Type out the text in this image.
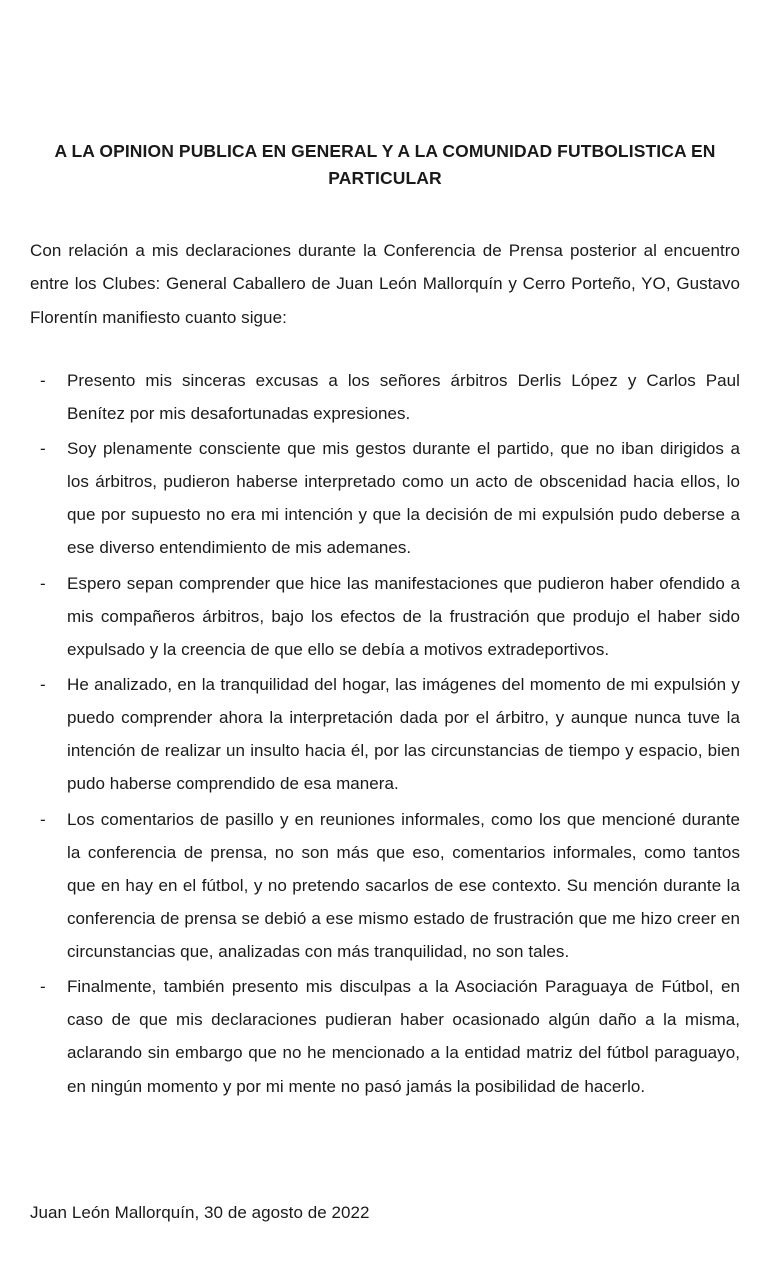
A LA OPINION PUBLICA EN GENERAL Y A LA COMUNIDAD FUTBOLISTICA EN PARTICULAR

Con relación a mis declaraciones durante la Conferencia de Prensa posterior al encuentro entre los Clubes: General Caballero de Juan León Mallorquín y Cerro Porteño, YO, Gustavo Florentín manifiesto cuanto sigue:

-	Presento mis sinceras excusas a los señores árbitros Derlis López y Carlos Paul Benítez por mis desafortunadas expresiones.
-	Soy plenamente consciente que mis gestos durante el partido, que no iban dirigidos a los árbitros, pudieron haberse interpretado como un acto de obscenidad hacia ellos, lo que por supuesto no era mi intención y que la decisión de mi expulsión pudo deberse a ese diverso entendimiento de mis ademanes.
-	Espero sepan comprender que hice las manifestaciones que pudieron haber ofendido a mis compañeros árbitros, bajo los efectos de la frustración que produjo el haber sido expulsado y la creencia de que ello se debía a motivos extradeportivos.
-	He analizado, en la tranquilidad del hogar, las imágenes del momento de mi expulsión y puedo comprender ahora la interpretación dada por el árbitro, y aunque nunca tuve la intención de realizar un insulto hacia él, por las circunstancias de tiempo y espacio, bien pudo haberse comprendido de esa manera.
-	Los comentarios de pasillo y en reuniones informales, como los que mencioné durante la conferencia de prensa, no son más que eso, comentarios informales, como tantos que en hay en el fútbol, y no pretendo sacarlos de ese contexto. Su mención durante la conferencia de prensa se debió a ese mismo estado de frustración que me hizo creer en circunstancias que, analizadas con más tranquilidad, no son tales.
-	Finalmente, también presento mis disculpas a la Asociación Paraguaya de Fútbol, en caso de que mis declaraciones pudieran haber ocasionado algún daño a la misma, aclarando sin embargo que no he mencionado a la entidad matriz del fútbol paraguayo, en ningún momento y por mi mente no pasó jamás la posibilidad de hacerlo.
Juan León Mallorquín, 30 de agosto de 2022
